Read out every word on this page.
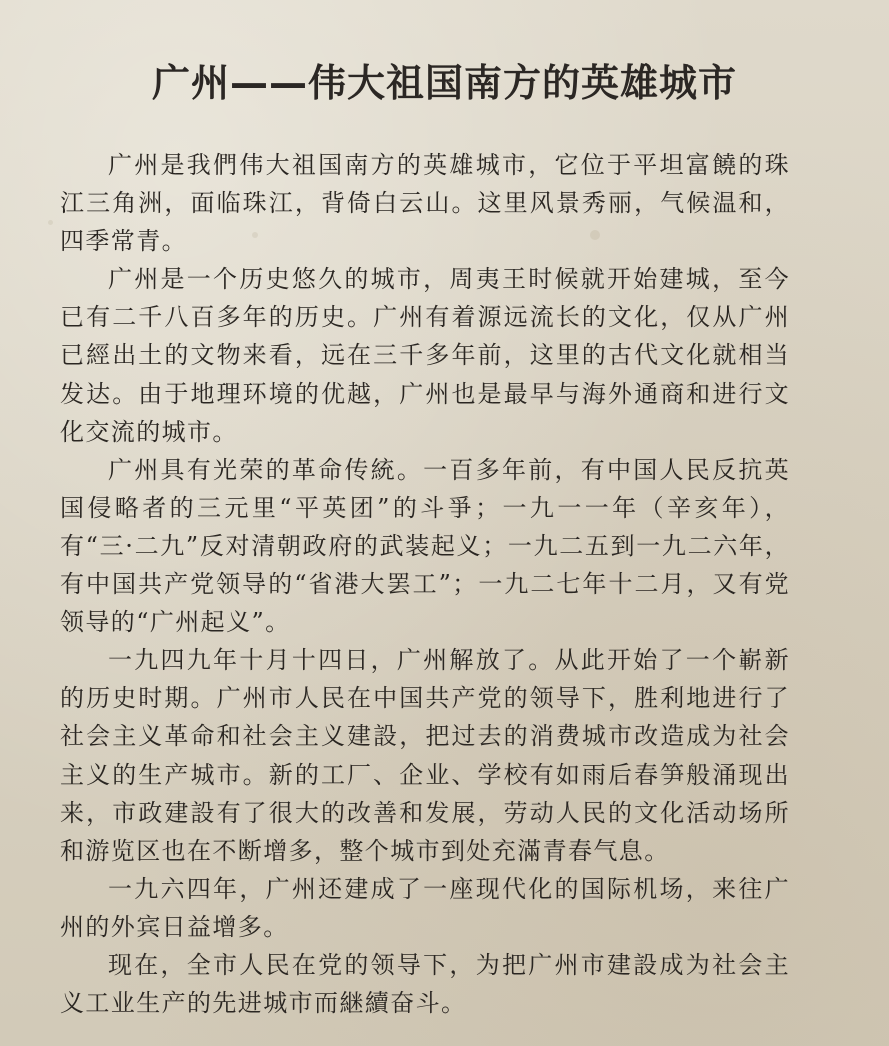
广州——伟大祖国南方的英雄城市

广州是我們伟大祖国南方的英雄城市，它位于平坦富饒的珠江三角洲，面临珠江，背倚白云山。这里风景秀丽，气候温和，四季常青。

广州是一个历史悠久的城市，周夷王时候就开始建城，至今已有二千八百多年的历史。广州有着源远流长的文化，仅从广州已經出土的文物来看，远在三千多年前，这里的古代文化就相当发达。由于地理环境的优越，广州也是最早与海外通商和进行文化交流的城市。

广州具有光荣的革命传統。一百多年前，有中国人民反抗英国侵略者的三元里“平英团”的斗爭；一九一一年（辛亥年），有“三·二九”反对清朝政府的武装起义；一九二五到一九二六年，有中国共产党领导的“省港大罢工”；一九二七年十二月，又有党领导的“广州起义”。

一九四九年十月十四日，广州解放了。从此开始了一个嶄新的历史时期。广州市人民在中国共产党的领导下，胜利地进行了社会主义革命和社会主义建設，把过去的消费城市改造成为社会主义的生产城市。新的工厂、企业、学校有如雨后春笋般涌现出来，市政建設有了很大的改善和发展，劳动人民的文化活动场所和游览区也在不断增多，整个城市到处充滿青春气息。

一九六四年，广州还建成了一座现代化的国际机场，来往广州的外宾日益增多。

现在，全市人民在党的领导下，为把广州市建設成为社会主义工业生产的先进城市而継續奋斗。
